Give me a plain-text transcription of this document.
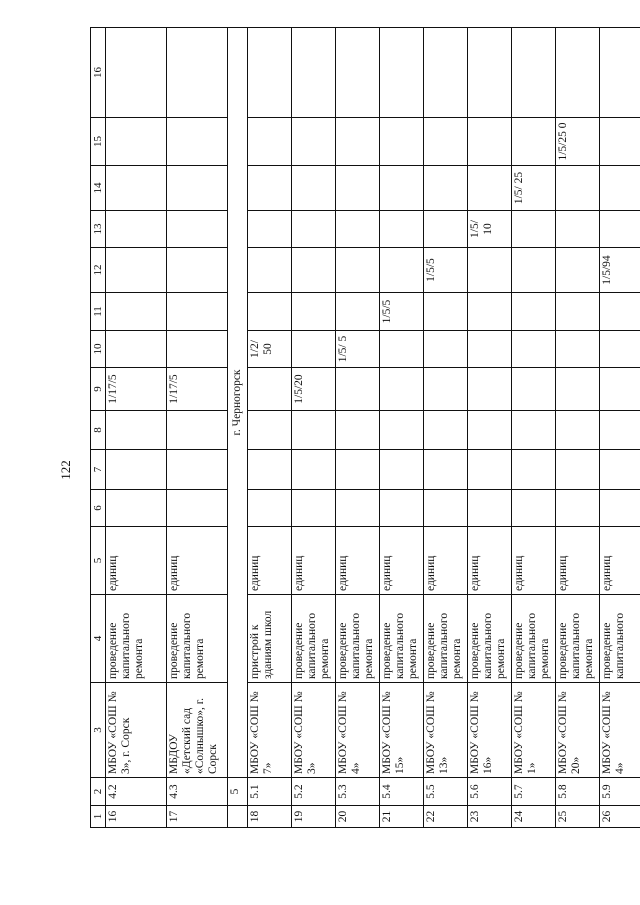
122
1	2	3	4	5	6	7	8	9	10	11	12	13	14	15	16
16	4.2	МБОУ «СОШ № 3», г. Сорск	проведение капитального ремонта	единиц				1/17/5							
17	4.3	МБДОУ «Детский сад «Солнышко», г. Сорск	проведение капитального ремонта	единиц				1/17/5							
	5	г. Черногорск													
18	5.1	МБОУ «СОШ № 7»	пристрой к зданиям школ	единиц					1/2/ 50						
19	5.2	МБОУ «СОШ № 3»	проведение капитального ремонта	единиц				1/5/20							
20	5.3	МБОУ «СОШ № 4»	проведение капитального ремонта	единиц					1/5/ 5						
21	5.4	МБОУ «СОШ № 15»	проведение капитального ремонта	единиц						1/5/5					
22	5.5	МБОУ «СОШ № 13»	проведение капитального ремонта	единиц							1/5/5				
23	5.6	МБОУ «СОШ № 16»	проведение капитального ремонта	единиц								1/5/ 10			
24	5.7	МБОУ «СОШ № 1»	проведение капитального ремонта	единиц									1/5/ 25		
25	5.8	МБОУ «СОШ № 20»	проведение капитального ремонта	единиц										1/5/25 0	
26	5.9	МБОУ «СОШ № 4»	проведение капитального	единиц							1/5/94				
